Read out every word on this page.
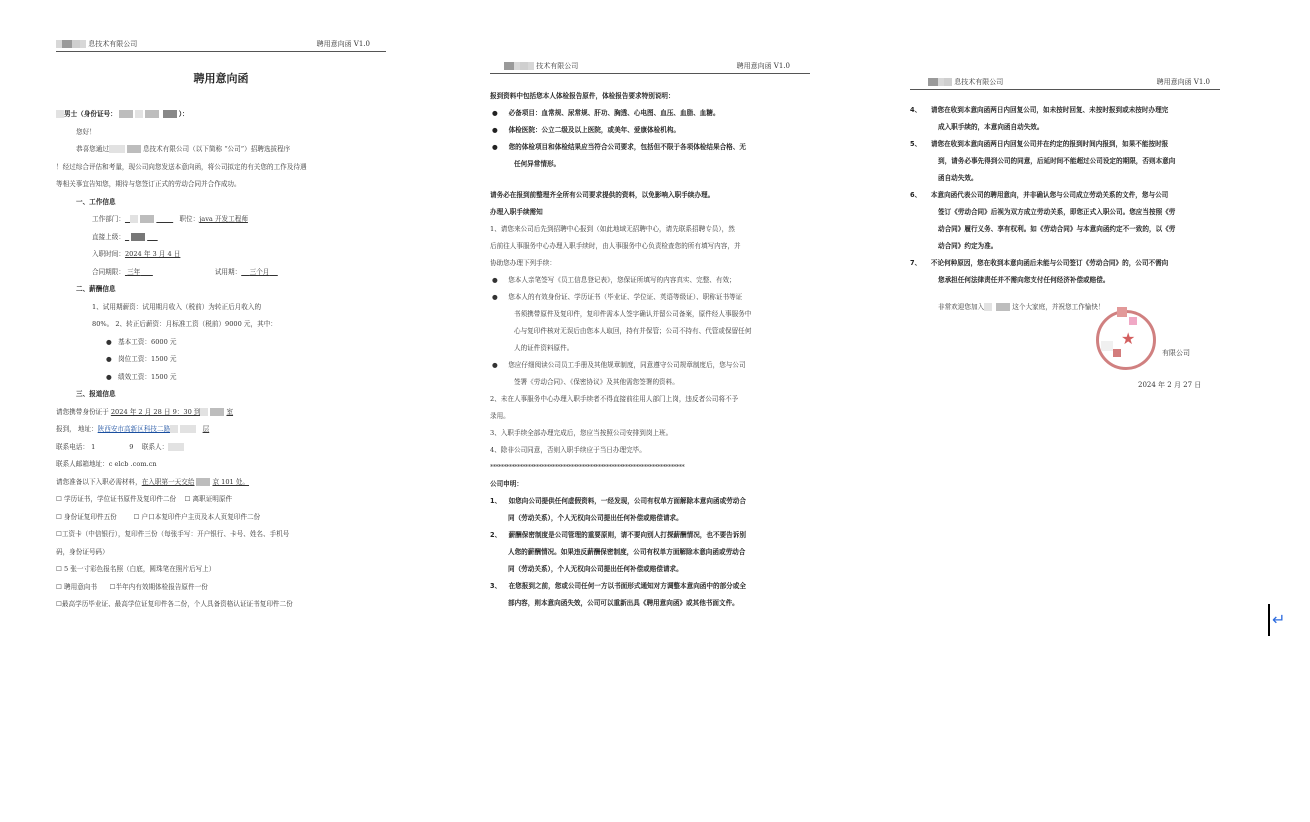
息技术有限公司	聘用意向函 V1.0
聘用意向函
男士（身份证号：	）：
您好！
恭喜您通过	息技术有限公司（以下简称 “公司”）招聘选拔程序
！经过综合评估和考量，现公司向您发送本意向函，将公司拟定的有关您的工作及待遇
等相关事宜告知您，期待与您签订正式的劳动合同并合作成功。
一、工作信息
工作部门：_	职位：java 开发工程师
直接上级：
入职时间：2024 年 3 月 4 日
合同期限： 三年	试用期： 三个月
二、薪酬信息
1、试用期薪资：试用期月收入（税前）为转正后月收入的
80%。 2、转正后薪资：月标准工资（税前）9000 元，其中：
●   基本工资：6000 元
●   岗位工资：1500 元
●   绩效工资：1500 元
三、报道信息
请您携带身份证于 2024 年 2 月 28 日 9：30 到	室
报到， 地址：陕西安市高新区科技二路	层
联系电话： 1	9 联系人：
联系人邮箱地址：c elcb .com.cn
请您准备以下入职必需材料，在入职第一天交给	京 101 处。
☐ 学历证书，学位证书原件及复印件二份 ☐ 离职证明原件
☐ 身份证复印件五份	☐ 户口本复印件户主页及本人页复印件二份
☐工资卡（中信银行），复印件三份（每张手写：开户银行、卡号、姓名、手机号
码，身份证号码）
☐ 5 张一寸彩色报名照（白底，圆珠笔在照片后写上）
☐ 聘用意向书 ☐半年内有效期体检报告原件一份
☐最高学历毕业证、最高学位证复印件各二份，个人具备资格认证证书复印件二份
技术有限公司	聘用意向函 V1.0
报到资料中包括您本人体检报告原件，体检报告要求特别说明：
● 必备项目：血常规、尿常规、肝功、胸透、心电图、血压、血脂、血糖。
● 体检医院：公立二级及以上医院，或美年、爱康体检机构。
● 您的体检项目和体检结果应当符合公司要求，包括但不限于各项体检结果合格、无
任何异常情形。
请务必在报到前整理齐全所有公司要求提供的资料，以免影响入职手续办理。
办理入职手续需知
1、请您来公司后先到招聘中心报到（如此地域无招聘中心，请先联系招聘专员），然
后前往人事服务中心办理入职手续时，由人事服务中心负责检查您的所有填写内容，并
协助您办理下列手续：
● 您本人亲笔签写《员工信息登记表》，您保证所填写的内容真实、完整、有效；
● 您本人的有效身份证、学历证书（毕业证、学位证、英语等级证）、职称证书等证
书须携带原件及复印件，复印件需本人签字确认并留公司备案，原件经人事服务中
心与复印件核对无误后由您本人取回，持有并保管；公司不持有、代管或保留任何
人的证件资料原件。
● 您应仔细阅读公司员工手册及其他规章制度，同意遵守公司规章制度后，您与公司
签署《劳动合同》、《保密协议》及其他需您签署的资料。
2、未在人事服务中心办理入职手续者不得直接前往用人部门上岗，违反者公司将不予
录用。
3、入职手续全部办理完成后，您应当按照公司安排到岗上班。
4、除非公司同意，否则入职手续应于当日办理完毕。
************************************************************************
公司申明：
1、 如您向公司提供任何虚假资料，一经发现，公司有权单方面解除本意向函或劳动合
同（劳动关系），个人无权向公司提出任何补偿或赔偿请求。
2、 薪酬保密制度是公司管理的重要原则，请不要向别人打探薪酬情况，也不要告诉别
人您的薪酬情况。如果违反薪酬保密制度，公司有权单方面解除本意向函或劳动合
同（劳动关系），个人无权向公司提出任何补偿或赔偿请求。
3、 在您报到之前，您或公司任何一方以书面形式通知对方调整本意向函中的部分或全
部内容，则本意向函失效，公司可以重新出具《聘用意向函》或其他书面文件。
息技术有限公司	聘用意向函 V1.0
4、 请您在收到本意向函两日内回复公司，如未按时回复、未按时报到或未按时办理完
成入职手续的，本意向函自动失效。
5、 请您在收到本意向函两日内回复公司并在约定的报到时间内报到，如果不能按时报
到，请务必事先得到公司的同意，后延时间不能超过公司设定的期限，否则本意向
函自动失效。
6、 本意向函代表公司的聘用意向，并非确认您与公司成立劳动关系的文件，您与公司
签订《劳动合同》后视为双方成立劳动关系，即您正式入职公司。您应当按照《劳
动合同》履行义务、享有权利。如《劳动合同》与本意向函约定不一致的，以《劳
动合同》约定为准。
7、 不论何种原因，您在收到本意向函后未能与公司签订《劳动合同》的，公司不需向
您承担任何法律责任并不需向您支付任何经济补偿或赔偿。
非常欢迎您加入	这个大家庭，并祝您工作愉快！
★
有限公司
2024 年 2 月 27 日
↵
